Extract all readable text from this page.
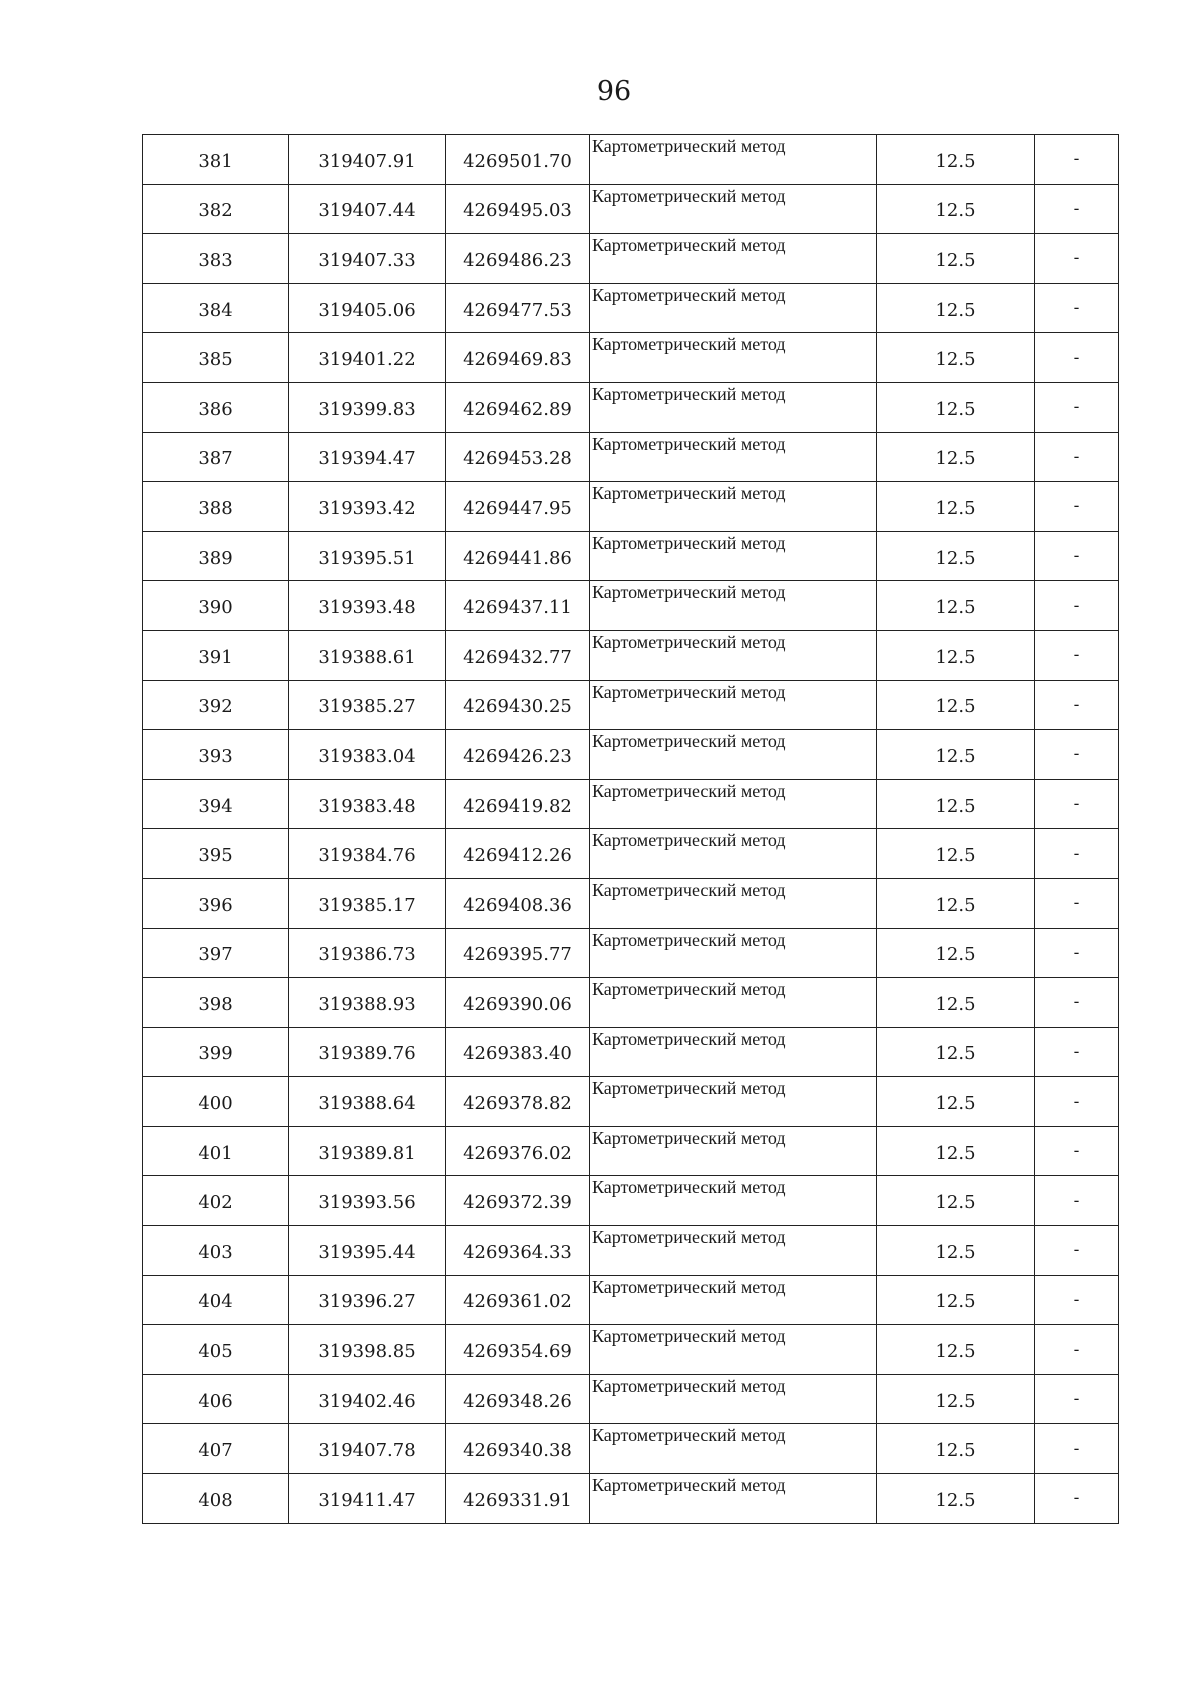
96
381	319407.91	4269501.70	Картометрический метод	12.5	-
382	319407.44	4269495.03	Картометрический метод	12.5	-
383	319407.33	4269486.23	Картометрический метод	12.5	-
384	319405.06	4269477.53	Картометрический метод	12.5	-
385	319401.22	4269469.83	Картометрический метод	12.5	-
386	319399.83	4269462.89	Картометрический метод	12.5	-
387	319394.47	4269453.28	Картометрический метод	12.5	-
388	319393.42	4269447.95	Картометрический метод	12.5	-
389	319395.51	4269441.86	Картометрический метод	12.5	-
390	319393.48	4269437.11	Картометрический метод	12.5	-
391	319388.61	4269432.77	Картометрический метод	12.5	-
392	319385.27	4269430.25	Картометрический метод	12.5	-
393	319383.04	4269426.23	Картометрический метод	12.5	-
394	319383.48	4269419.82	Картометрический метод	12.5	-
395	319384.76	4269412.26	Картометрический метод	12.5	-
396	319385.17	4269408.36	Картометрический метод	12.5	-
397	319386.73	4269395.77	Картометрический метод	12.5	-
398	319388.93	4269390.06	Картометрический метод	12.5	-
399	319389.76	4269383.40	Картометрический метод	12.5	-
400	319388.64	4269378.82	Картометрический метод	12.5	-
401	319389.81	4269376.02	Картометрический метод	12.5	-
402	319393.56	4269372.39	Картометрический метод	12.5	-
403	319395.44	4269364.33	Картометрический метод	12.5	-
404	319396.27	4269361.02	Картометрический метод	12.5	-
405	319398.85	4269354.69	Картометрический метод	12.5	-
406	319402.46	4269348.26	Картометрический метод	12.5	-
407	319407.78	4269340.38	Картометрический метод	12.5	-
408	319411.47	4269331.91	Картометрический метод	12.5	-
